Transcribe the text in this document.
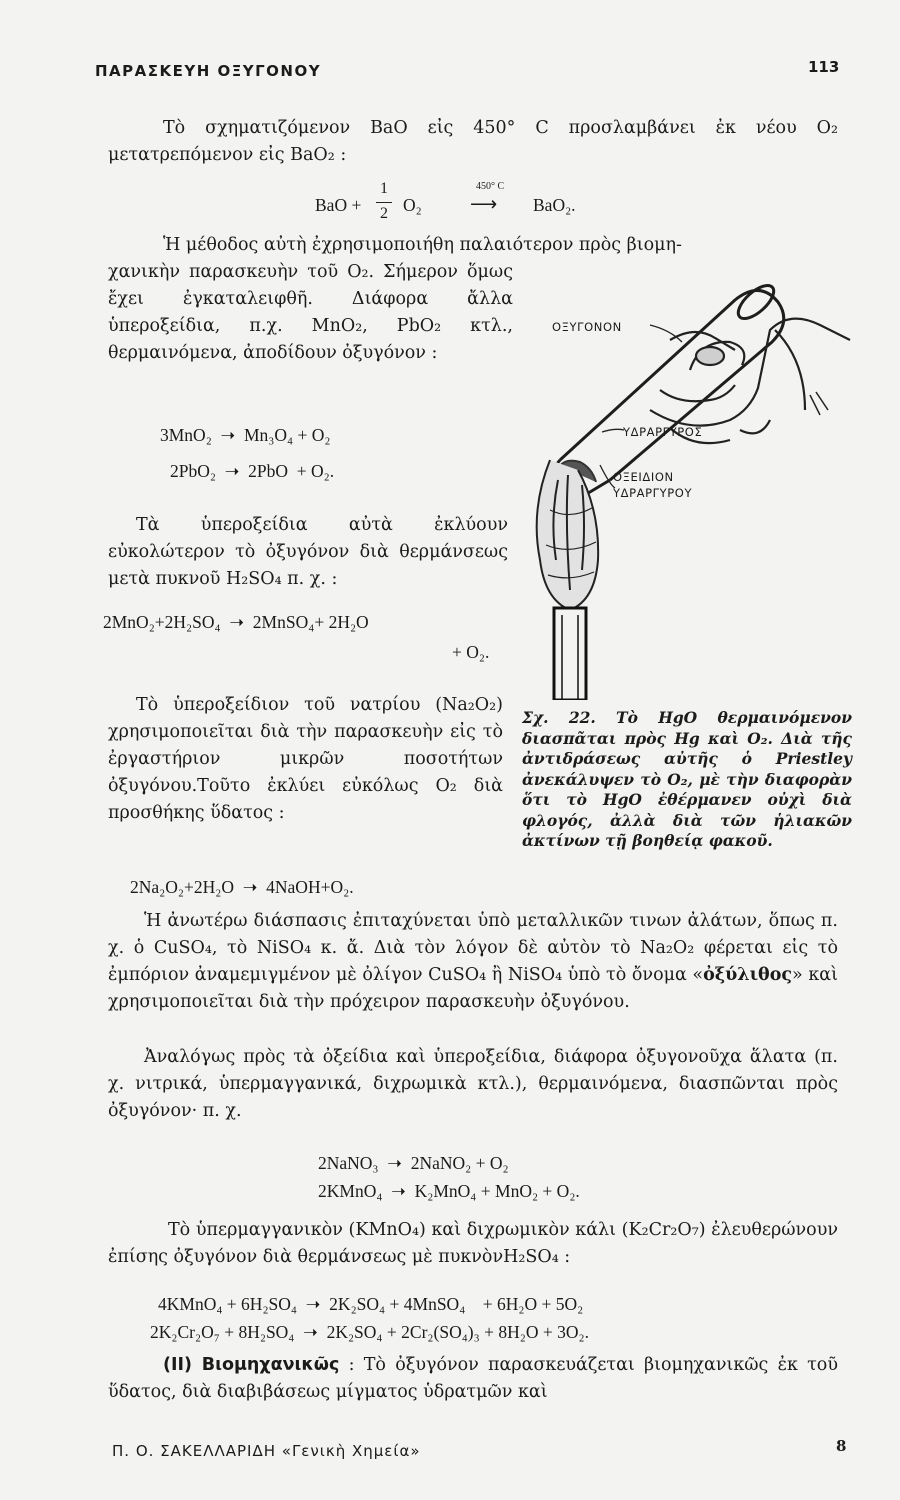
ΠΑΡΑΣΚΕΥΗ ΟΞΥΓΟΝΟΥ	113
Τὸ σχηματιζόμενον BaO εἰς 450° C προσλαμβάνει ἐκ νέου O₂ μετατρεπόμενον εἰς BaO₂ :
BaO +
1
2 O₂
450° C
⟶ BaO₂.
Ἡ μέθοδος αὐτὴ ἐχρησιμοποιήθη παλαιότερον πρὸς βιομη-
χανικὴν παρασκευὴν τοῦ O₂. Σήμερον ὅμως ἔχει ἐγκαταλειφθῆ. Διάφορα ἄλλα ὑπεροξείδια, π.χ. MnO₂, PbO₂ κτλ., θερμαινόμενα, ἀποδίδουν ὀξυγόνον :
3MnO₂  ➝  Mn₃O₄ + O₂
2PbO₂  ➝  2PbO  + O₂.
Τὰ ὑπεροξείδια αὐτὰ ἐκλύουν εὐκολώτερον τὸ ὀξυγόνον διὰ θερμάνσεως μετὰ πυκνοῦ H₂SO₄ π. χ. :
2MnO₂+2H₂SO₄  ➝  2MnSO₄+ 2H₂O
+ O₂.
Τὸ ὑπεροξείδιον τοῦ νατρίου (Na₂O₂) χρησιμοποιεῖται διὰ τὴν παρασκευὴν εἰς τὸ ἐργαστήριον μικρῶν ποσοτήτων ὀξυγόνου.Τοῦτο ἐκλύει εὐκόλως O₂ διὰ προσθήκης ὕδατος :
2Na₂O₂+2H₂O  ➝  4NaOH+O₂.
ΟΞΥΓΟΝΟΝ
ΥΔΡΑΡΓΥΡΟΣ
ΟΞΕΙΔΙΟΝ
ΥΔΡΑΡΓΥΡΟΥ
Σχ. 22. Τὸ HgO θερμαινόμενον διασπᾶται πρὸς Hg καὶ O₂. Διὰ τῆς ἀντιδράσεως αὐτῆς ὁ Priestley ἀνεκάλυψεν τὸ O₂, μὲ τὴν διαφορὰν ὅτι τὸ HgO ἐθέρμανεν οὐχὶ διὰ φλογός, ἀλλὰ διὰ τῶν ἡλιακῶν ἀκτίνων τῇ βοηθείᾳ φακοῦ.
Ἡ ἀνωτέρω διάσπασις ἐπιταχύνεται ὑπὸ μεταλλικῶν τινων ἀλάτων, ὅπως π. χ. ὁ CuSO₄, τὸ NiSO₄ κ. ἄ. Διὰ τὸν λόγον δὲ αὐτὸν τὸ Na₂O₂ φέρεται εἰς τὸ ἐμπόριον ἀναμεμιγμένον μὲ ὀλίγον CuSO₄ ἢ NiSO₄ ὑπὸ τὸ ὄνομα «ὀξύλιθος» καὶ χρησιμοποιεῖται διὰ τὴν πρόχειρον παρασκευὴν ὀξυγόνου.
Ἀναλόγως πρὸς τὰ ὀξείδια καὶ ὑπεροξείδια, διάφορα ὀξυγονοῦχα ἅλατα (π. χ. νιτρικά, ὑπερμαγγανικά, διχρωμικὰ κτλ.), θερμαινόμενα, διασπῶνται πρὸς ὀξυγόνον· π. χ.
2NaNO₃  ➝  2NaNO₂ + O₂
2KMnO₄  ➝  K₂MnO₄ + MnO₂ + O₂.
Τὸ ὑπερμαγγανικὸν (KMnO₄) καὶ διχρωμικὸν κάλι (K₂Cr₂O₇) ἐλευθερώνουν ἐπίσης ὀξυγόνον διὰ θερμάνσεως μὲ πυκνὸνH₂SO₄ :
4KMnO₄ + 6H₂SO₄  ➝  2K₂SO₄ + 4MnSO₄    + 6H₂O + 5O₂
2K₂Cr₂O₇ + 8H₂SO₄  ➝  2K₂SO₄ + 2Cr₂(SO₄)₃ + 8H₂O + 3O₂.
(II) Βιομηχανικῶς : Τὸ ὀξυγόνον παρασκευάζεται βιομηχανικῶς ἐκ τοῦ ὕδατος, διὰ διαβιβάσεως μίγματος ὑδρατμῶν καὶ
Π. Ο. ΣΑΚΕΛΛΑΡΙΔΗ «Γενικὴ Χημεία»	8
